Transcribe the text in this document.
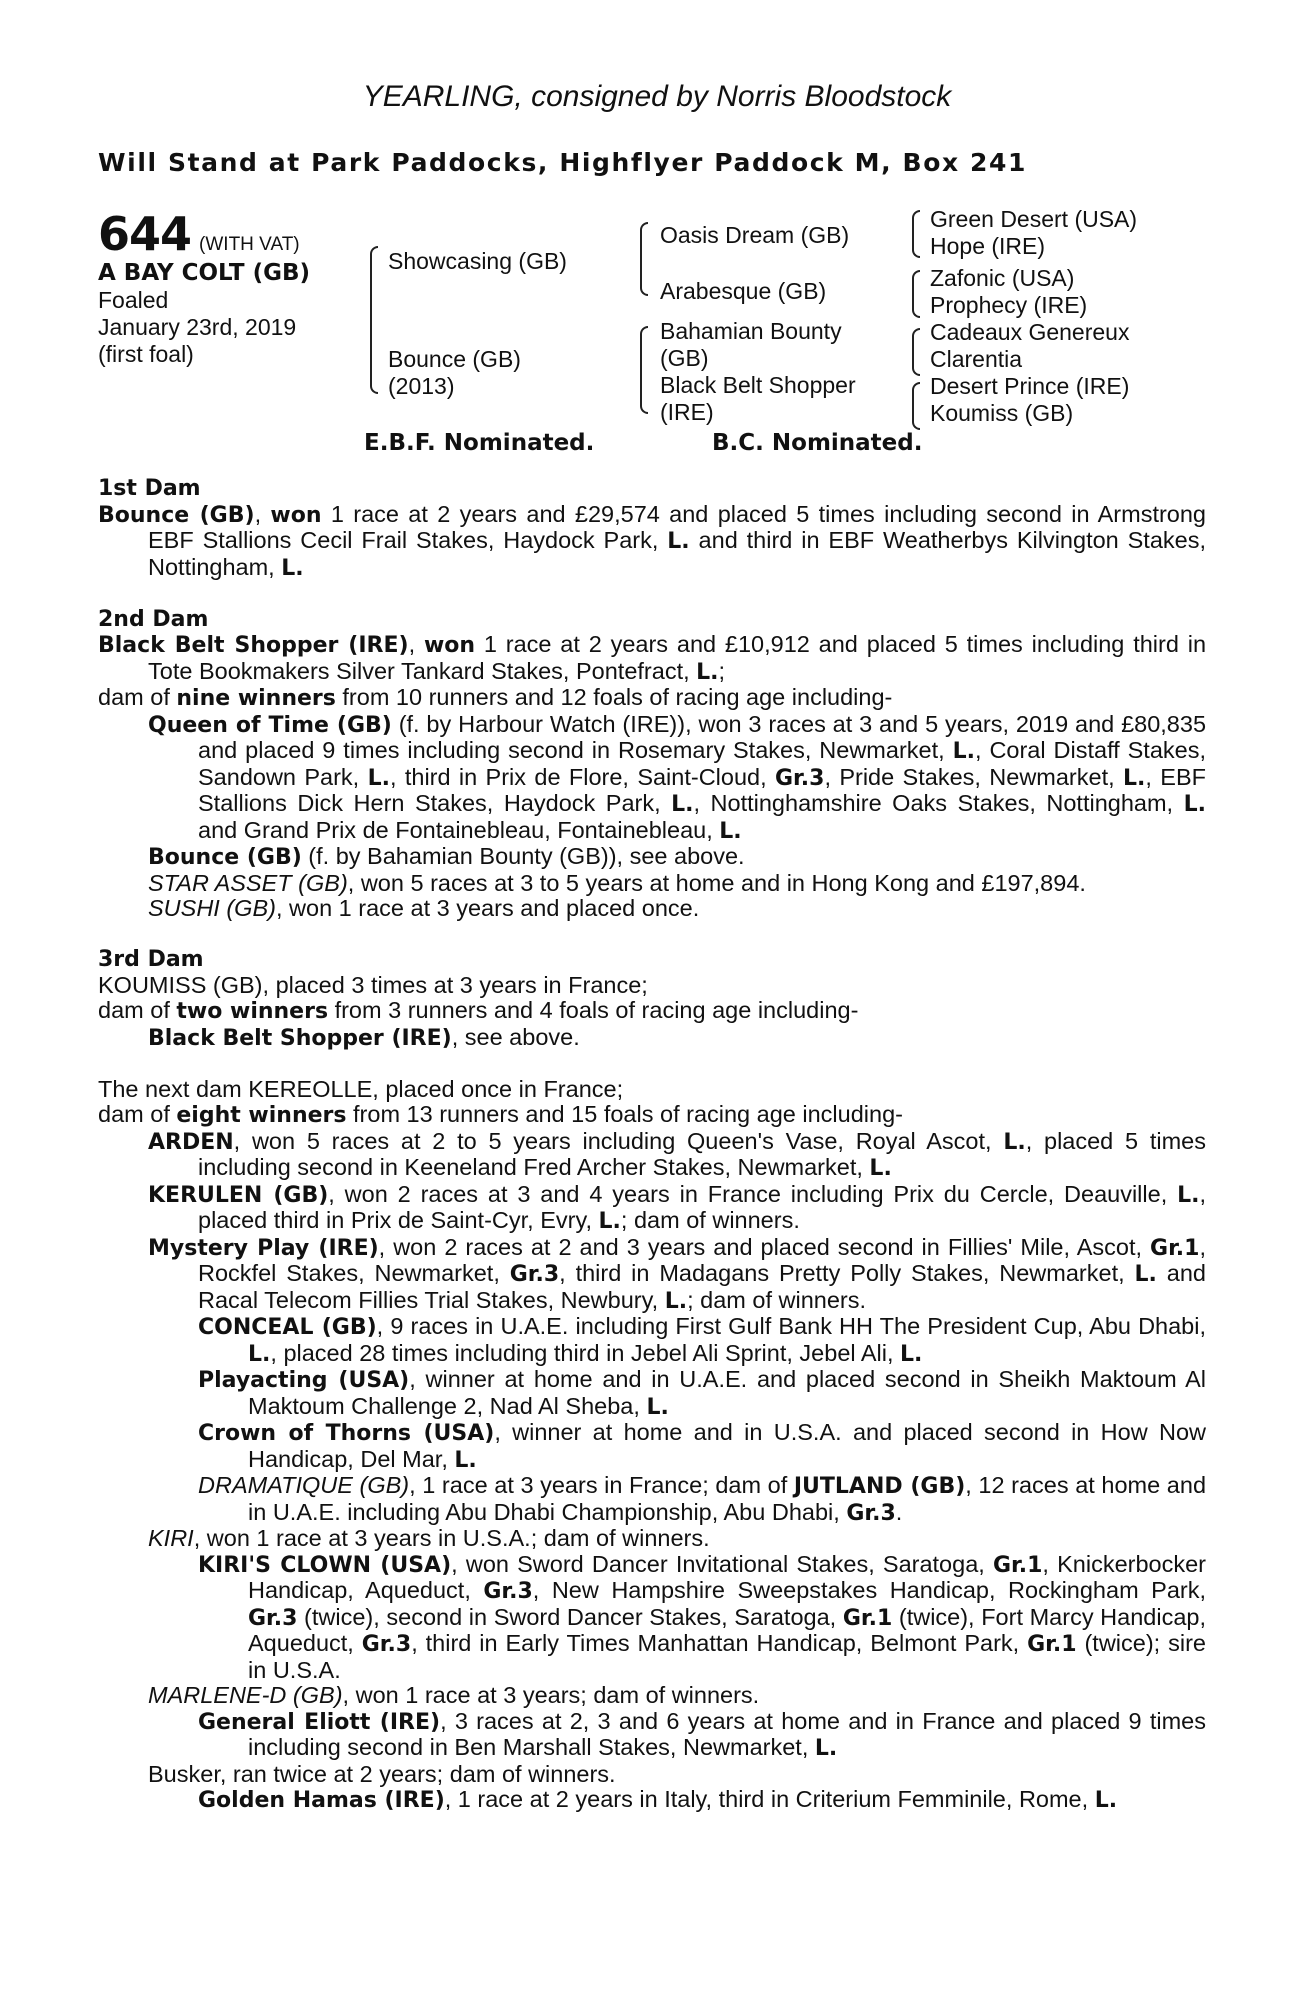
YEARLING, consigned by Norris Bloodstock
Will Stand at Park Paddocks, Highflyer Paddock M, Box 241
644 (WITH VAT)
A BAY COLT (GB)
Foaled
January 23rd, 2019
(first foal)
Showcasing (GB)
Bounce (GB)
(2013)
Oasis Dream (GB)
Arabesque (GB)
Bahamian Bounty
(GB)
Black Belt Shopper
(IRE)
Green Desert (USA)
Hope (IRE)
Zafonic (USA)
Prophecy (IRE)
Cadeaux Genereux
Clarentia
Desert Prince (IRE)
Koumiss (GB)
E.B.F. Nominated.	B.C. Nominated.

1st Dam

Bounce (GB), won 1 race at 2 years and £29,574 and placed 5 times including second in Armstrong EBF Stallions Cecil Frail Stakes, Haydock Park, L. and third in EBF Weatherbys Kilvington Stakes, Nottingham, L.

2nd Dam

Black Belt Shopper (IRE), won 1 race at 2 years and £10,912 and placed 5 times including third in Tote Bookmakers Silver Tankard Stakes, Pontefract, L.;

dam of nine winners from 10 runners and 12 foals of racing age including-

Queen of Time (GB) (f. by Harbour Watch (IRE)), won 3 races at 3 and 5 years, 2019 and £80,835 and placed 9 times including second in Rosemary Stakes, Newmarket, L., Coral Distaff Stakes, Sandown Park, L., third in Prix de Flore, Saint-Cloud, Gr.3, Pride Stakes, Newmarket, L., EBF Stallions Dick Hern Stakes, Haydock Park, L., Nottinghamshire Oaks Stakes, Nottingham, L. and Grand Prix de Fontainebleau, Fontainebleau, L.

Bounce (GB) (f. by Bahamian Bounty (GB)), see above.

STAR ASSET (GB), won 5 races at 3 to 5 years at home and in Hong Kong and £197,894.

SUSHI (GB), won 1 race at 3 years and placed once.

3rd Dam

KOUMISS (GB), placed 3 times at 3 years in France;

dam of two winners from 3 runners and 4 foals of racing age including-

Black Belt Shopper (IRE), see above.

The next dam KEREOLLE, placed once in France;

dam of eight winners from 13 runners and 15 foals of racing age including-

ARDEN, won 5 races at 2 to 5 years including Queen's Vase, Royal Ascot, L., placed 5 times including second in Keeneland Fred Archer Stakes, Newmarket, L.

KERULEN (GB), won 2 races at 3 and 4 years in France including Prix du Cercle, Deauville, L., placed third in Prix de Saint-Cyr, Evry, L.; dam of winners.

Mystery Play (IRE), won 2 races at 2 and 3 years and placed second in Fillies' Mile, Ascot, Gr.1, Rockfel Stakes, Newmarket, Gr.3, third in Madagans Pretty Polly Stakes, Newmarket, L. and Racal Telecom Fillies Trial Stakes, Newbury, L.; dam of winners.

CONCEAL (GB), 9 races in U.A.E. including First Gulf Bank HH The President Cup, Abu Dhabi, L., placed 28 times including third in Jebel Ali Sprint, Jebel Ali, L.

Playacting (USA), winner at home and in U.A.E. and placed second in Sheikh Maktoum Al Maktoum Challenge 2, Nad Al Sheba, L.

Crown of Thorns (USA), winner at home and in U.S.A. and placed second in How Now Handicap, Del Mar, L.

DRAMATIQUE (GB), 1 race at 3 years in France; dam of JUTLAND (GB), 12 races at home and in U.A.E. including Abu Dhabi Championship, Abu Dhabi, Gr.3.

KIRI, won 1 race at 3 years in U.S.A.; dam of winners.

KIRI'S CLOWN (USA), won Sword Dancer Invitational Stakes, Saratoga, Gr.1, Knickerbocker Handicap, Aqueduct, Gr.3, New Hampshire Sweepstakes Handicap, Rockingham Park, Gr.3 (twice), second in Sword Dancer Stakes, Saratoga, Gr.1 (twice), Fort Marcy Handicap, Aqueduct, Gr.3, third in Early Times Manhattan Handicap, Belmont Park, Gr.1 (twice); sire in U.S.A.

MARLENE-D (GB), won 1 race at 3 years; dam of winners.

General Eliott (IRE), 3 races at 2, 3 and 6 years at home and in France and placed 9 times including second in Ben Marshall Stakes, Newmarket, L.

Busker, ran twice at 2 years; dam of winners.

Golden Hamas (IRE), 1 race at 2 years in Italy, third in Criterium Femminile, Rome, L.
